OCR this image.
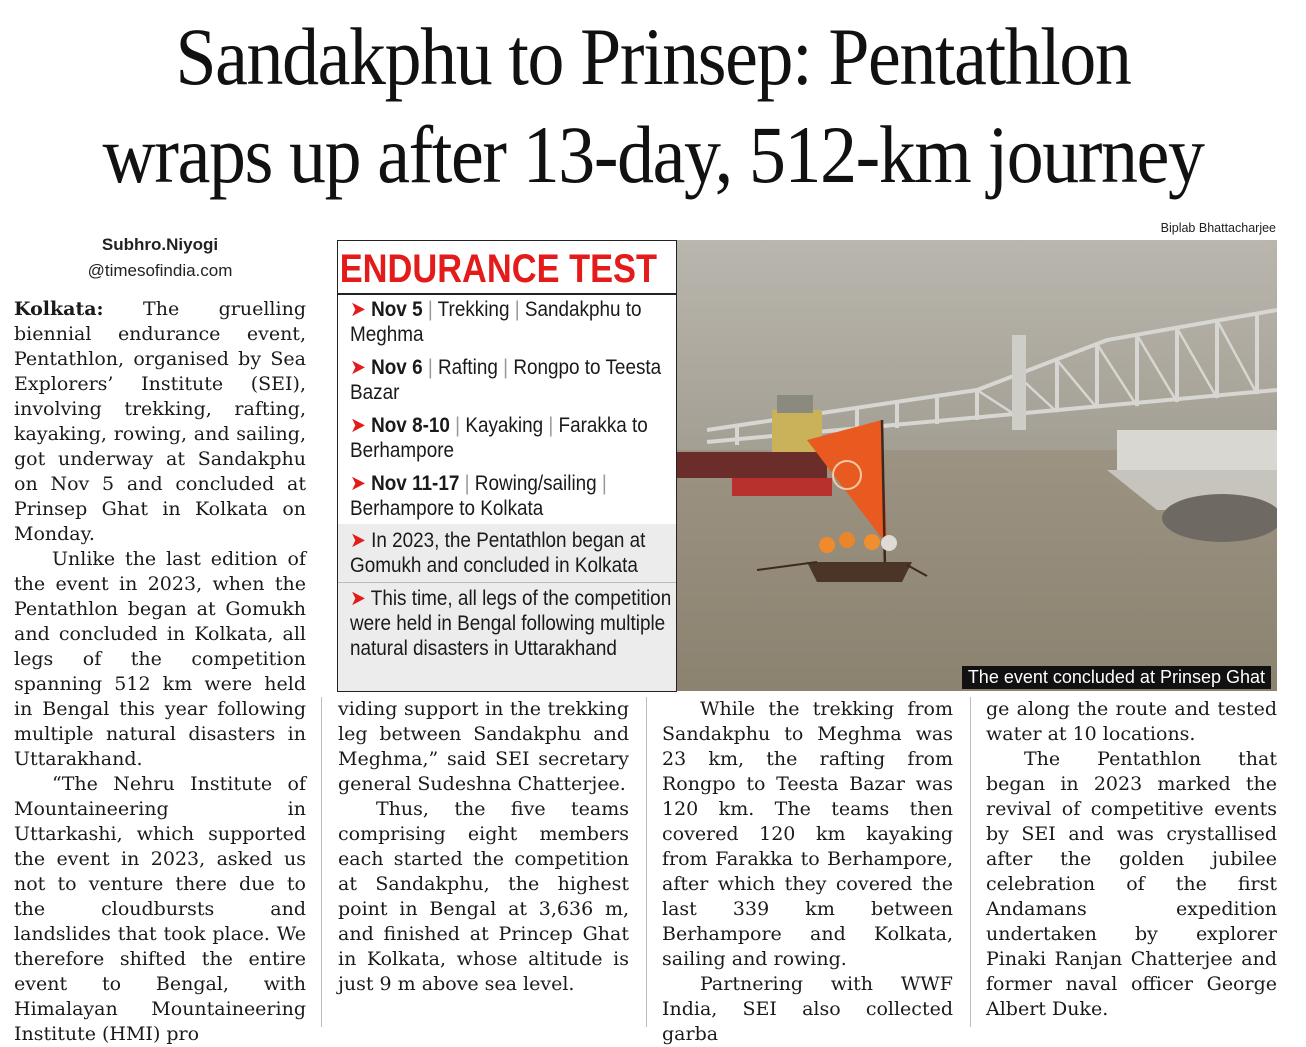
Sandakphu to Prinsep: Pentathlon
wraps up after 13-day, 512-km journey
Biplab Bhattacharjee
Subhro.Niyogi
@timesofindia.com

Kolkata: The gruelling biennial endurance event, Pentathlon, organised by Sea Explorers’ Institute (SEI), involving trekking, rafting, kayaking, rowing, and sailing, got underway at Sandakphu on Nov 5 and concluded at Prinsep Ghat in Kolkata on Monday.

Unlike the last edition of the event in 2023, when the Pentathlon began at Gomukh and concluded in Kolkata, all legs of the competition spanning 512 km were held in Bengal this year following multiple natural disasters in Uttarakhand.

“The Nehru Institute of Mountaineering in Uttarkashi, which supported the event in 2023, asked us not to venture there due to the cloudbursts and landslides that took place. We therefore shifted the entire event to Bengal, with Himalayan Mountaineering Institute (HMI) pro

viding support in the trekking leg between Sandakphu and Meghma,” said SEI secretary general Sudeshna Chatterjee.

Thus, the five teams comprising eight members each started the competition at Sandakphu, the highest point in Bengal at 3,636 m, and finished at Princep Ghat in Kolkata, whose altitude is just 9 m above sea level.

While the trekking from Sandakphu to Meghma was 23 km, the rafting from Rongpo to Teesta Bazar was 120 km. The teams then covered 120 km kayaking from Farakka to Berhampore, after which they covered the last 339 km between Berhampore and Kolkata, sailing and rowing.

Partnering with WWF India, SEI also collected garba

ge along the route and tested water at 10 locations.

The Pentathlon that began in 2023 marked the revival of competitive events by SEI and was crystallised after the golden jubilee celebration of the first Andamans expedition undertaken by explorer Pinaki Ranjan Chatterjee and former naval officer George Albert Duke.

ENDURANCE TEST
➤ Nov 5 | Trekking | Sandakphu to Meghma
➤ Nov 6 | Rafting | Rongpo to Teesta Bazar
➤ Nov 8-10 | Kayaking | Farakka to Berhampore
➤ Nov 11-17 | Rowing/sailing | Berhampore to Kolkata
➤ In 2023, the Pentathlon began at Gomukh and concluded in Kolkata
➤ This time, all legs of the competition were held in Bengal following multiple natural disasters in Uttarakhand
The event concluded at Prinsep Ghat
